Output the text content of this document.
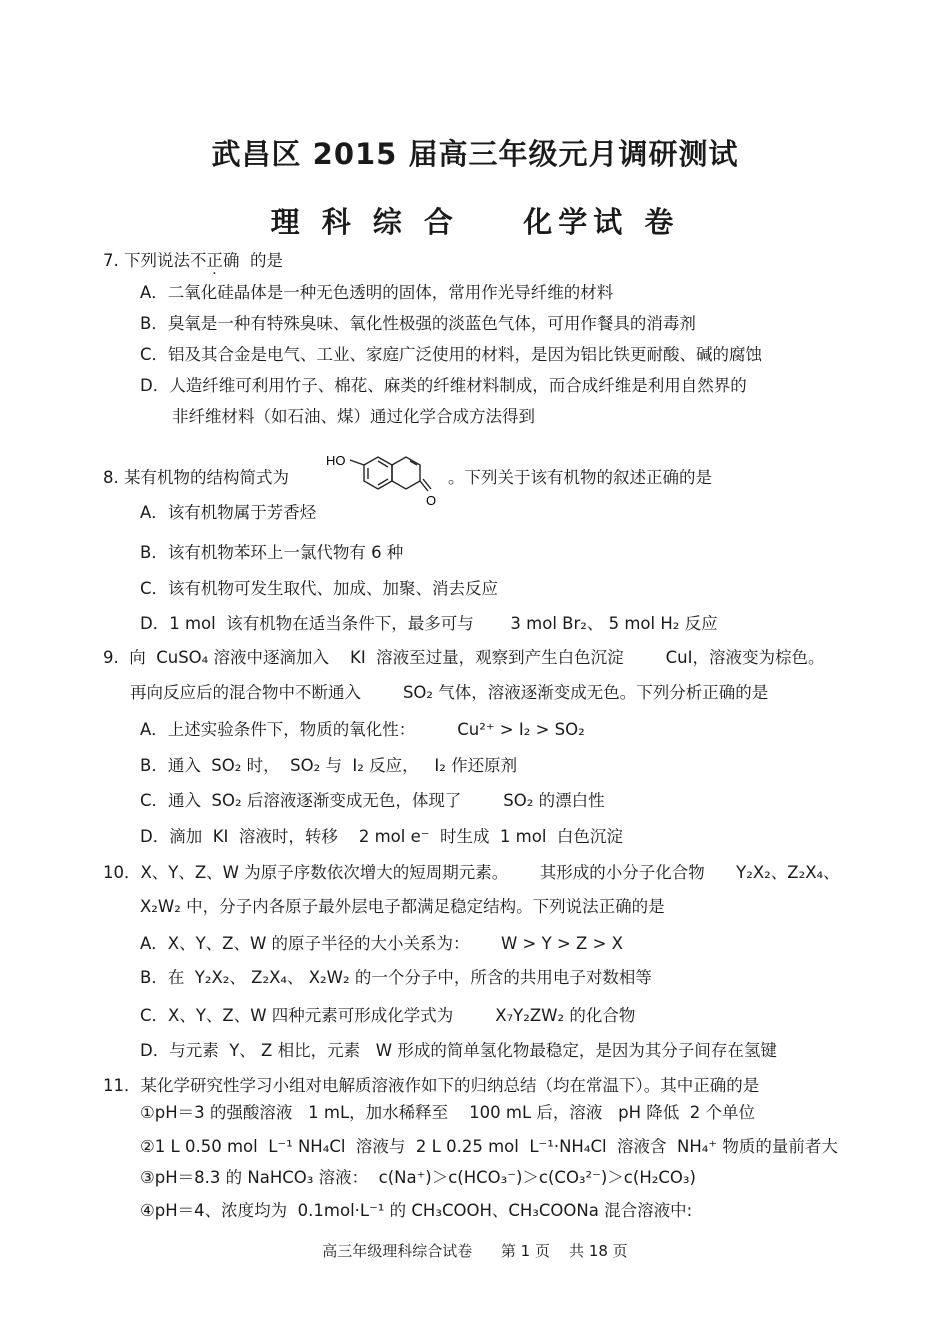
武昌区 2015 届高三年级元月调研测试
理 科 综 合    化学试 卷
7. 下列说法不正确 的是
A．二氧化硅晶体是一种无色透明的固体，常用作光导纤维的材料
B．臭氧是一种有特殊臭味、氧化性极强的淡蓝色气体，可用作餐具的消毒剂
C．铝及其合金是电气、工业、家庭广泛使用的材料，是因为铝比铁更耐酸、碱的腐蚀
D．人造纤维可利用竹子、棉花、麻类的纤维材料制成，而合成纤维是利用自然界的
非纤维材料（如石油、煤）通过化学合成方法得到
8. 某有机物的结构简式为
HO
O
。下列关于该有机物的叙述正确的是
A．该有机物属于芳香烃
B．该有机物苯环上一氯代物有 6 种
C．该有机物可发生取代、加成、加聚、消去反应
D．1 mol  该有机物在适当条件下，最多可与       3 mol Br₂、 5 mol H₂ 反应
9.  向  CuSO₄ 溶液中逐滴加入    KI  溶液至过量，观察到产生白色沉淀        CuI，溶液变为棕色。
再向反应后的混合物中不断通入        SO₂ 气体，溶液逐渐变成无色。下列分析正确的是
A．上述实验条件下，物质的氧化性：        Cu²⁺ > I₂ > SO₂
B．通入  SO₂ 时，  SO₂ 与  I₂ 反应，   I₂ 作还原剂
C．通入  SO₂ 后溶液逐渐变成无色，体现了        SO₂ 的漂白性
D．滴加  KI  溶液时，转移    2 mol e⁻  时生成  1 mol  白色沉淀
10．X、Y、Z、W 为原子序数依次增大的短周期元素。      其形成的小分子化合物      Y₂X₂、Z₂X₄、
X₂W₂ 中，分子内各原子最外层电子都满足稳定结构。下列说法正确的是
A．X、Y、Z、W 的原子半径的大小关系为：      W > Y > Z > X
B．在  Y₂X₂、 Z₂X₄、 X₂W₂ 的一个分子中，所含的共用电子对数相等
C．X、Y、Z、W 四种元素可形成化学式为        X₇Y₂ZW₂ 的化合物
D．与元素  Y、 Z 相比，元素   W 形成的简单氢化物最稳定，是因为其分子间存在氢键
11．某化学研究性学习小组对电解质溶液作如下的归纳总结（均在常温下）。其中正确的是
①pH＝3 的强酸溶液   1 mL，加水稀释至    100 mL 后，溶液   pH 降低  2 个单位
②1 L 0.50 mol  L⁻¹ NH₄Cl  溶液与  2 L 0.25 mol  L⁻¹·NH₄Cl  溶液含  NH₄⁺ 物质的量前者大
③pH＝8.3 的 NaHCO₃ 溶液：  c(Na⁺)＞c(HCO₃⁻)＞c(CO₃²⁻)＞c(H₂CO₃)
④pH＝4、浓度均为  0.1mol·L⁻¹ 的 CH₃COOH、CH₃COONa 混合溶液中:
高三年级理科综合试卷      第 1 页    共 18 页
